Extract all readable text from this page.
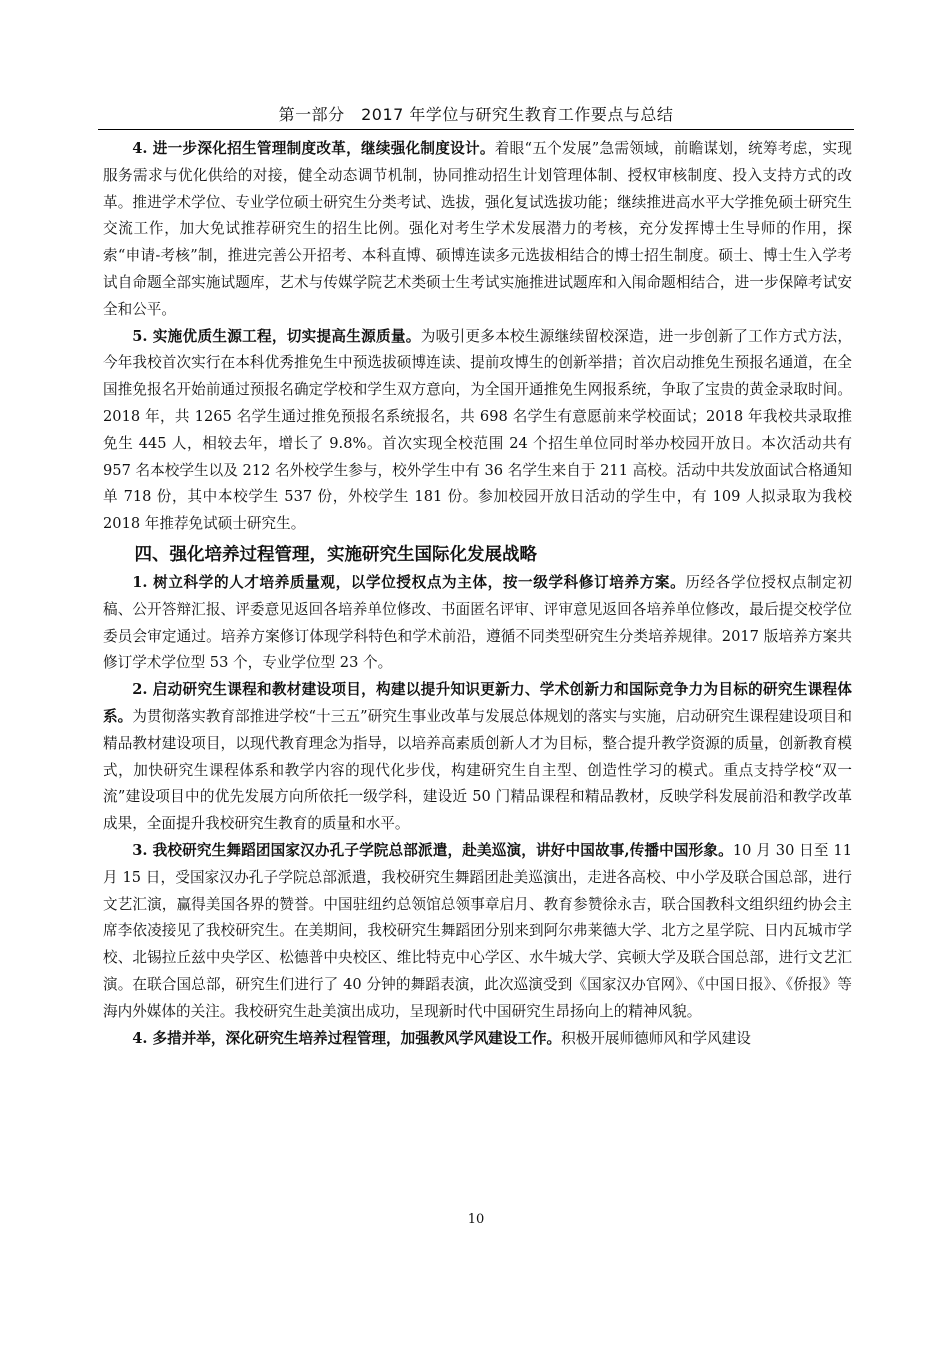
第一部分　2017 年学位与研究生教育工作要点与总结

4. 进一步深化招生管理制度改革，继续强化制度设计。着眼“五个发展”急需领域，前瞻谋划，统筹考虑，实现服务需求与优化供给的对接，健全动态调节机制，协同推动招生计划管理体制、授权审核制度、投入支持方式的改革。推进学术学位、专业学位硕士研究生分类考试、选拔，强化复试选拔功能；继续推进高水平大学推免硕士研究生交流工作，加大免试推荐研究生的招生比例。强化对考生学术发展潜力的考核，充分发挥博士生导师的作用，探索“申请-考核”制，推进完善公开招考、本科直博、硕博连读多元选拔相结合的博士招生制度。硕士、博士生入学考试自命题全部实施试题库，艺术与传媒学院艺术类硕士生考试实施推进试题库和入闱命题相结合，进一步保障考试安全和公平。

5. 实施优质生源工程，切实提高生源质量。为吸引更多本校生源继续留校深造，进一步创新了工作方式方法，今年我校首次实行在本科优秀推免生中预选拔硕博连读、提前攻博生的创新举措；首次启动推免生预报名通道，在全国推免报名开始前通过预报名确定学校和学生双方意向，为全国开通推免生网报系统，争取了宝贵的黄金录取时间。2018 年，共 1265 名学生通过推免预报名系统报名，共 698 名学生有意愿前来学校面试；2018 年我校共录取推免生 445 人，相较去年，增长了 9.8%。首次实现全校范围 24 个招生单位同时举办校园开放日。本次活动共有 957 名本校学生以及 212 名外校学生参与，校外学生中有 36 名学生来自于 211 高校。活动中共发放面试合格通知单 718 份，其中本校学生 537 份，外校学生 181 份。参加校园开放日活动的学生中，有 109 人拟录取为我校 2018 年推荐免试硕士研究生。

四、强化培养过程管理，实施研究生国际化发展战略

1. 树立科学的人才培养质量观，以学位授权点为主体，按一级学科修订培养方案。历经各学位授权点制定初稿、公开答辩汇报、评委意见返回各培养单位修改、书面匿名评审、评审意见返回各培养单位修改，最后提交校学位委员会审定通过。培养方案修订体现学科特色和学术前沿，遵循不同类型研究生分类培养规律。2017 版培养方案共修订学术学位型 53 个，专业学位型 23 个。

2. 启动研究生课程和教材建设项目，构建以提升知识更新力、学术创新力和国际竞争力为目标的研究生课程体系。为贯彻落实教育部推进学校“十三五”研究生事业改革与发展总体规划的落实与实施，启动研究生课程建设项目和精品教材建设项目，以现代教育理念为指导，以培养高素质创新人才为目标，整合提升教学资源的质量，创新教育模式，加快研究生课程体系和教学内容的现代化步伐，构建研究生自主型、创造性学习的模式。重点支持学校“双一流”建设项目中的优先发展方向所依托一级学科，建设近 50 门精品课程和精品教材，反映学科发展前沿和教学改革成果，全面提升我校研究生教育的质量和水平。

3. 我校研究生舞蹈团国家汉办孔子学院总部派遣，赴美巡演，讲好中国故事,传播中国形象。10 月 30 日至 11 月 15 日，受国家汉办孔子学院总部派遣，我校研究生舞蹈团赴美巡演出，走进各高校、中小学及联合国总部，进行文艺汇演，赢得美国各界的赞誉。中国驻纽约总领馆总领事章启月、教育参赞徐永吉，联合国教科文组织纽约协会主席李依凌接见了我校研究生。在美期间，我校研究生舞蹈团分别来到阿尔弗莱德大学、北方之星学院、日内瓦城市学校、北锡拉丘兹中央学区、松德普中央校区、维比特克中心学区、水牛城大学、宾顿大学及联合国总部，进行文艺汇演。在联合国总部，研究生们进行了 40 分钟的舞蹈表演，此次巡演受到《国家汉办官网》、《中国日报》、《侨报》等海内外媒体的关注。我校研究生赴美演出成功，呈现新时代中国研究生昂扬向上的精神风貌。

4. 多措并举，深化研究生培养过程管理，加强教风学风建设工作。积极开展师德师风和学风建设

10
